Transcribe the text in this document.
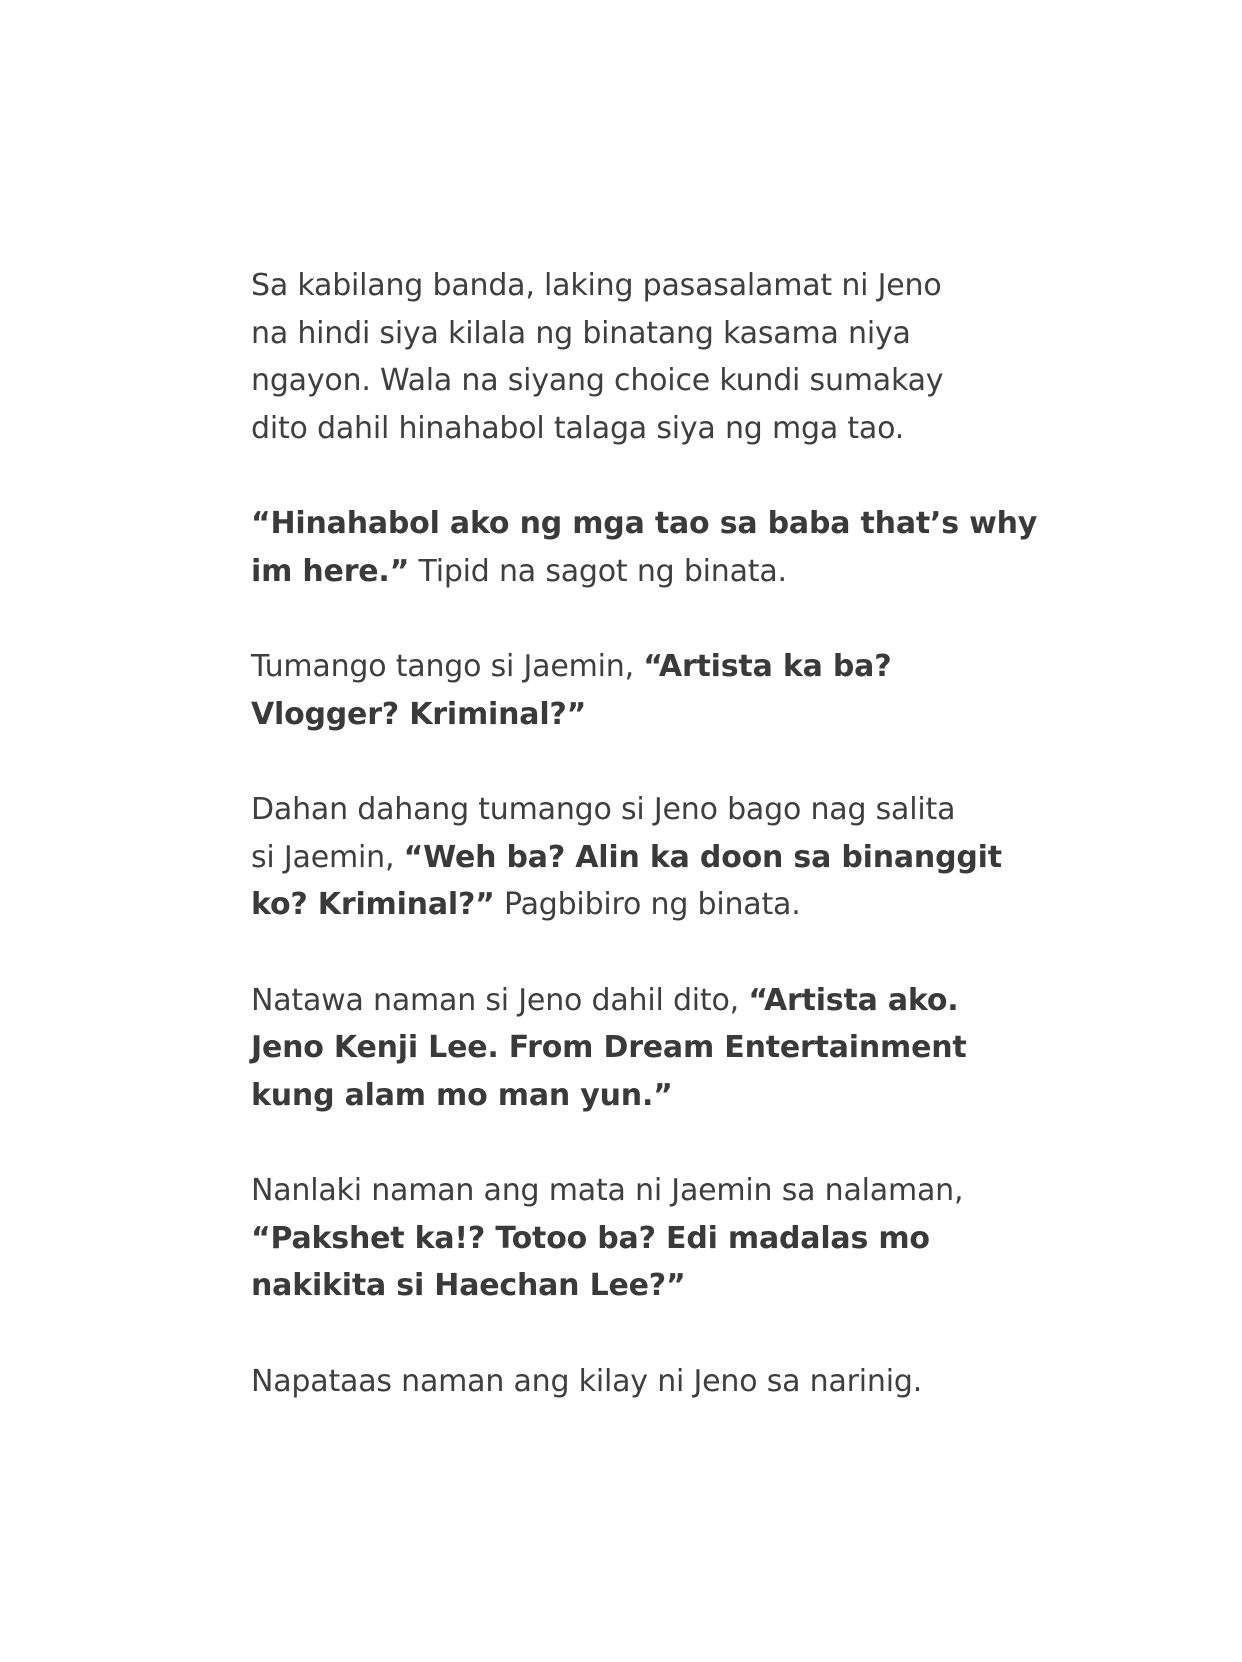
Sa kabilang banda, laking pasasalamat ni Jeno
na hindi siya kilala ng binatang kasama niya
ngayon. Wala na siyang choice kundi sumakay
dito dahil hinahabol talaga siya ng mga tao.

“Hinahabol ako ng mga tao sa baba that’s why
im here.” Tipid na sagot ng binata.

Tumango tango si Jaemin, “Artista ka ba?
Vlogger? Kriminal?”

Dahan dahang tumango si Jeno bago nag salita
si Jaemin, “Weh ba? Alin ka doon sa binanggit
ko? Kriminal?” Pagbibiro ng binata.

Natawa naman si Jeno dahil dito, “Artista ako.
Jeno Kenji Lee. From Dream Entertainment
kung alam mo man yun.”

Nanlaki naman ang mata ni Jaemin sa nalaman,
“Pakshet ka!? Totoo ba? Edi madalas mo
nakikita si Haechan Lee?”

Napataas naman ang kilay ni Jeno sa narinig.
